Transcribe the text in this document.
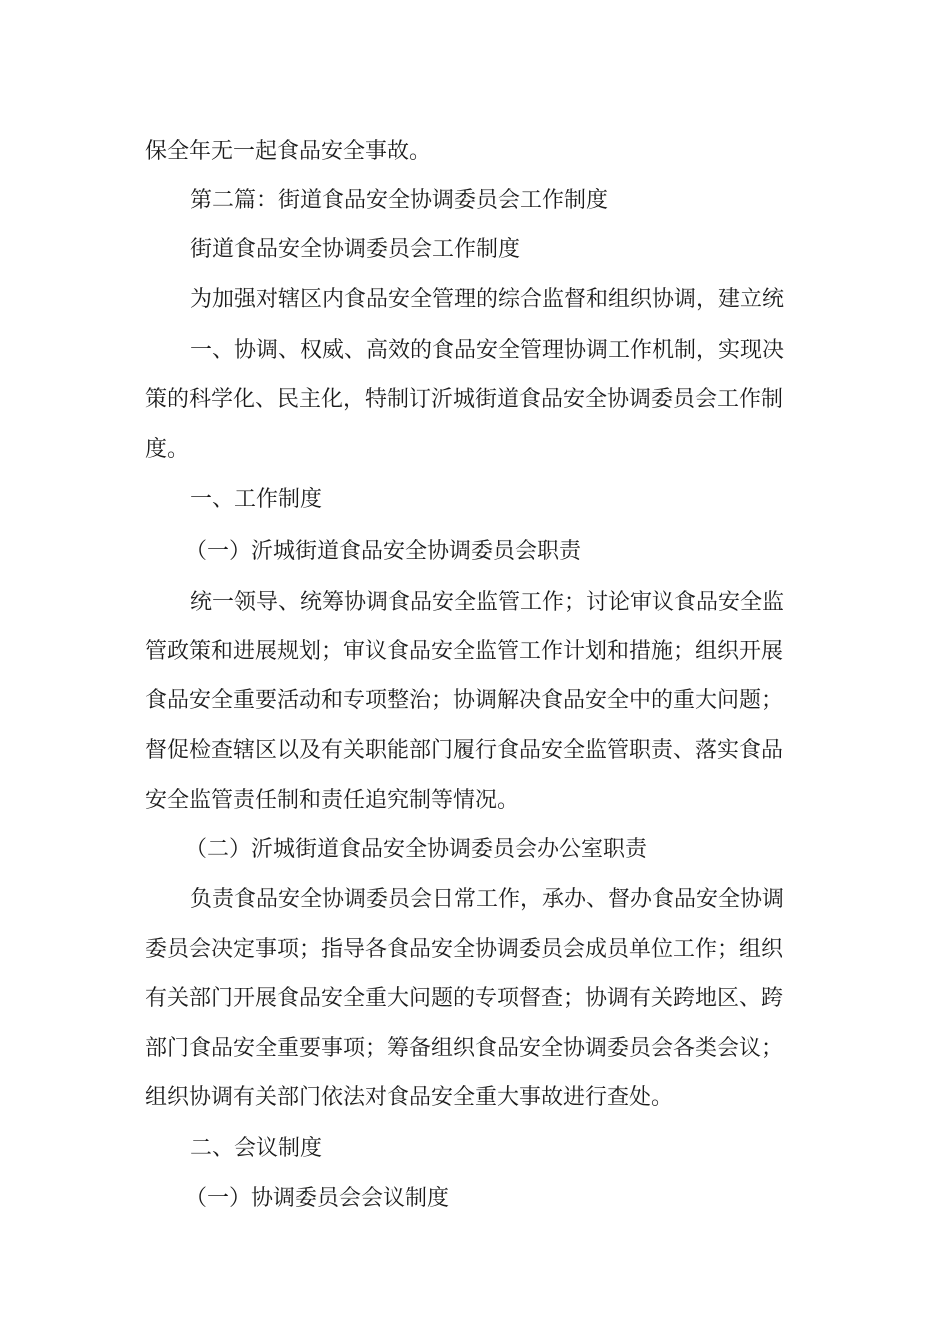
保全年无一起食品安全事故。
第二篇：街道食品安全协调委员会工作制度
街道食品安全协调委员会工作制度
为加强对辖区内食品安全管理的综合监督和组织协调，建立统
一、协调、权威、高效的食品安全管理协调工作机制，实现决
策的科学化、民主化，特制订沂城街道食品安全协调委员会工作制
度。
一、工作制度
（一）沂城街道食品安全协调委员会职责
统一领导、统筹协调食品安全监管工作；讨论审议食品安全监
管政策和进展规划；审议食品安全监管工作计划和措施；组织开展
食品安全重要活动和专项整治；协调解决食品安全中的重大问题；
督促检查辖区以及有关职能部门履行食品安全监管职责、落实食品
安全监管责任制和责任追究制等情况。
（二）沂城街道食品安全协调委员会办公室职责
负责食品安全协调委员会日常工作，承办、督办食品安全协调
委员会决定事项；指导各食品安全协调委员会成员单位工作；组织
有关部门开展食品安全重大问题的专项督查；协调有关跨地区、跨
部门食品安全重要事项；筹备组织食品安全协调委员会各类会议；
组织协调有关部门依法对食品安全重大事故进行查处。
二、会议制度
（一）协调委员会会议制度
